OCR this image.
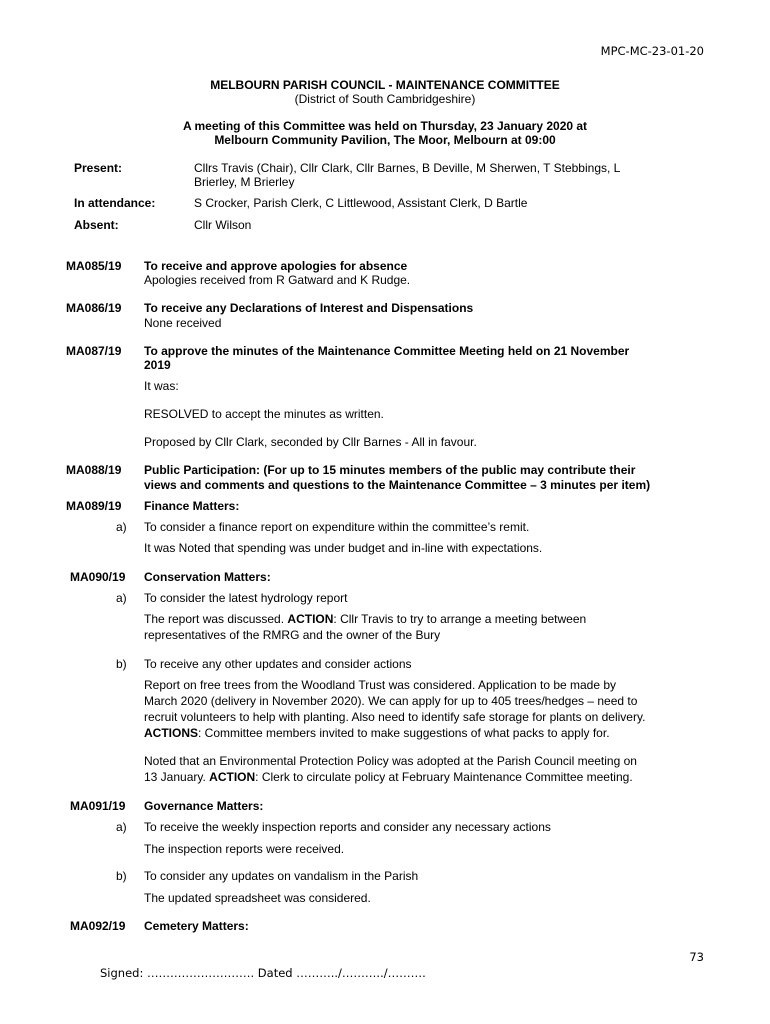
MPC-MC-23-01-20
MELBOURN PARISH COUNCIL - MAINTENANCE COMMITTEE
(District of South Cambridgeshire)
A meeting of this Committee was held on Thursday, 23 January 2020 at
Melbourn Community Pavilion, The Moor, Melbourn at 09:00
Present:	Cllrs Travis (Chair), Cllr Clark, Cllr Barnes, B Deville, M Sherwen, T Stebbings, L
Brierley, M Brierley
In attendance:	S Crocker, Parish Clerk, C Littlewood, Assistant Clerk, D Bartle
Absent:	Cllr Wilson
MA085/19 To receive and approve apologies for absence
Apologies received from R Gatward and K Rudge.
MA086/19 To receive any Declarations of Interest and Dispensations
None received
MA087/19 To approve the minutes of the Maintenance Committee Meeting held on 21 November
2019
It was:
RESOLVED to accept the minutes as written.
Proposed by Cllr Clark, seconded by Cllr Barnes - All in favour.
MA088/19 Public Participation: (For up to 15 minutes members of the public may contribute their
views and comments and questions to the Maintenance Committee – 3 minutes per item)
MA089/19 Finance Matters:
a) To consider a finance report on expenditure within the committee’s remit.
It was Noted that spending was under budget and in-line with expectations.
MA090/19 Conservation Matters:
a) To consider the latest hydrology report
The report was discussed. ACTION: Cllr Travis to try to arrange a meeting between
representatives of the RMRG and the owner of the Bury
b) To receive any other updates and consider actions
Report on free trees from the Woodland Trust was considered. Application to be made by
March 2020 (delivery in November 2020). We can apply for up to 405 trees/hedges – need to
recruit volunteers to help with planting. Also need to identify safe storage for plants on delivery.
ACTIONS: Committee members invited to make suggestions of what packs to apply for.
Noted that an Environmental Protection Policy was adopted at the Parish Council meeting on
13 January. ACTION: Clerk to circulate policy at February Maintenance Committee meeting.
MA091/19 Governance Matters:
a) To receive the weekly inspection reports and consider any necessary actions
The inspection reports were received.
b) To consider any updates on vandalism in the Parish
The updated spreadsheet was considered.
MA092/19 Cemetery Matters:
73
Signed: ………………………. Dated ………../………../……….
